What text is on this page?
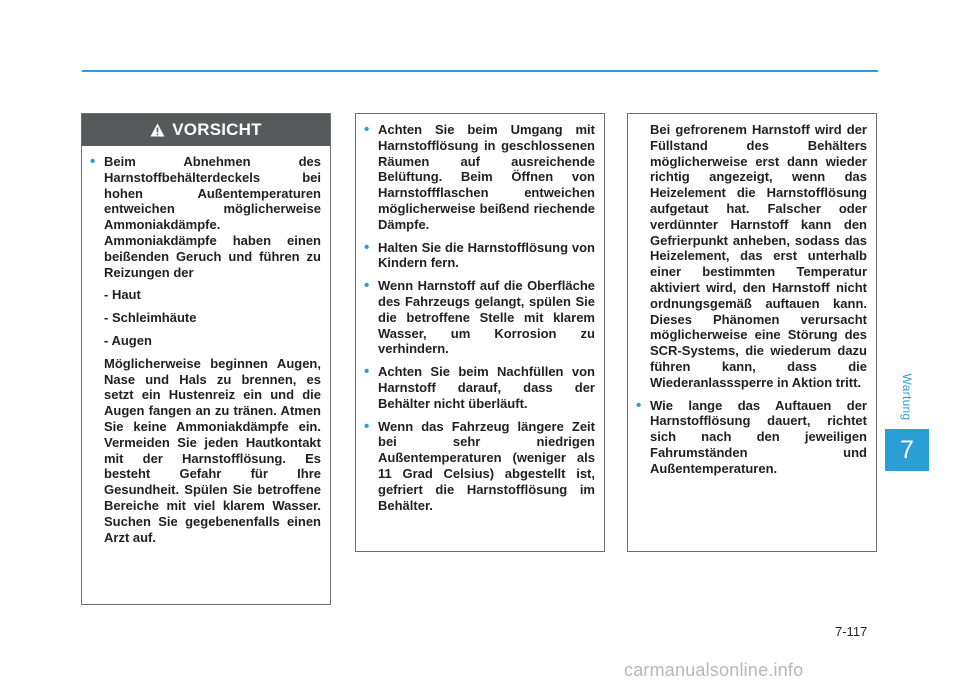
VORSICHT
• Beim Abnehmen des Harnstoffbehälterdeckels bei hohen Außentemperaturen entweichen möglicherweise Ammoniakdämpfe. Ammoniakdämpfe haben einen beißenden Geruch und führen zu Reizungen der
- Haut
- Schleimhäute
- Augen
Möglicherweise beginnen Augen, Nase und Hals zu brennen, es setzt ein Hustenreiz ein und die Augen fangen an zu tränen. Atmen Sie keine Ammoniakdämpfe ein. Vermeiden Sie jeden Hautkontakt mit der Harnstofflösung. Es besteht Gefahr für Ihre Gesundheit. Spülen Sie betroffene Bereiche mit viel klarem Wasser. Suchen Sie gegebenenfalls einen Arzt auf.
• Achten Sie beim Umgang mit Harnstofflösung in geschlossenen Räumen auf ausreichende Belüftung. Beim Öffnen von Harnstoffflaschen entweichen möglicherweise beißend riechende Dämpfe.
• Halten Sie die Harnstofflösung von Kindern fern.
• Wenn Harnstoff auf die Oberfläche des Fahrzeugs gelangt, spülen Sie die betroffene Stelle mit klarem Wasser, um Korrosion zu verhindern.
• Achten Sie beim Nachfüllen von Harnstoff darauf, dass der Behälter nicht überläuft.
• Wenn das Fahrzeug längere Zeit bei sehr niedrigen Außentemperaturen (weniger als 11 Grad Celsius) abgestellt ist, gefriert die Harnstofflösung im Behälter.
Bei gefrorenem Harnstoff wird der Füllstand des Behälters möglicherweise erst dann wieder richtig angezeigt, wenn das Heizelement die Harnstofflösung aufgetaut hat. Falscher oder verdünnter Harnstoff kann den Gefrierpunkt anheben, sodass das Heizelement, das erst unterhalb einer bestimmten Temperatur aktiviert wird, den Harnstoff nicht ordnungsgemäß auftauen kann. Dieses Phänomen verursacht möglicherweise eine Störung des SCR-Systems, die wiederum dazu führen kann, dass die Wiederanlasssperre in Aktion tritt.
• Wie lange das Auftauen der Harnstofflösung dauert, richtet sich nach den jeweiligen Fahrumständen und Außentemperaturen.
Wartung
7
7-117
carmanualsonline.info
